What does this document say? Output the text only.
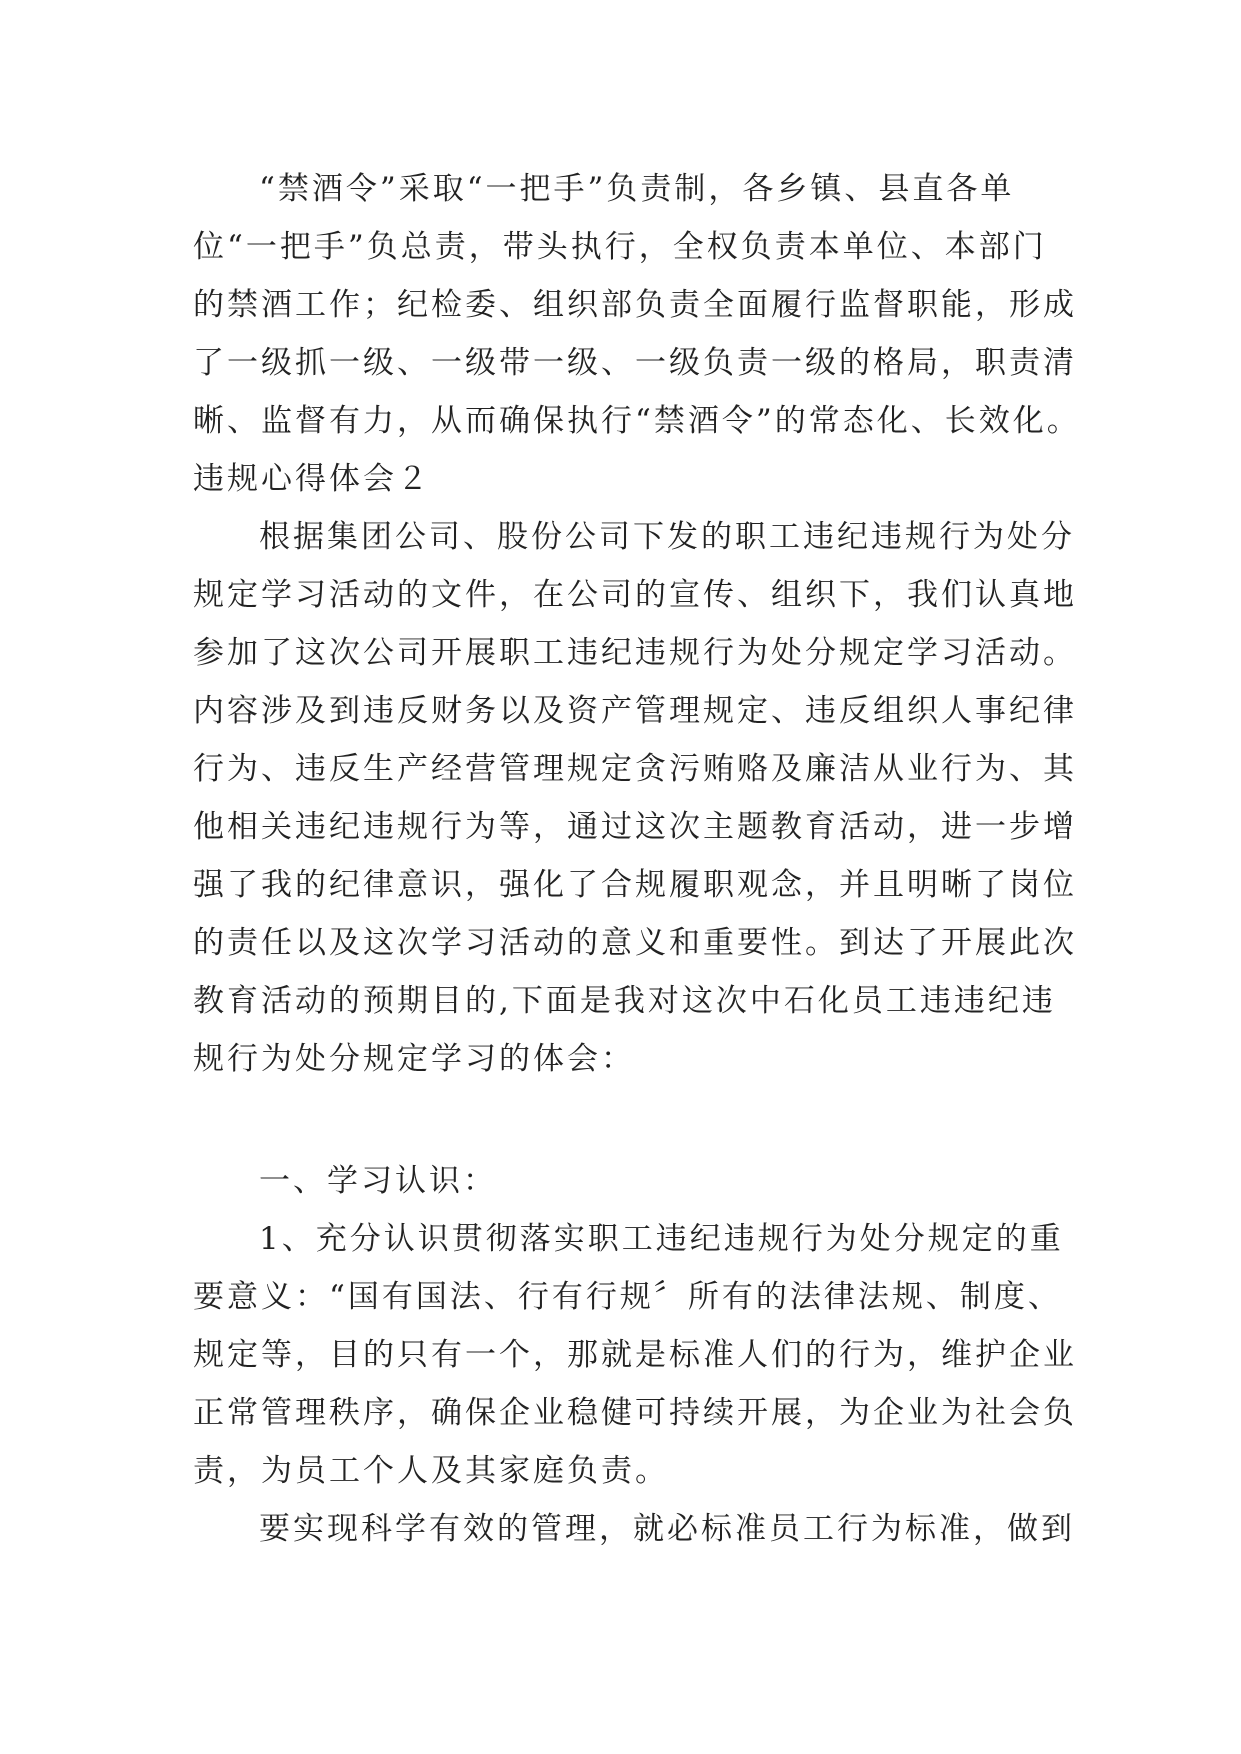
“禁酒令”采取“一把手”负责制，各乡镇、县直各单
位“一把手”负总责，带头执行，全权负责本单位、本部门
的禁酒工作；纪检委、组织部负责全面履行监督职能，形成
了一级抓一级、一级带一级、一级负责一级的格局，职责清
晰、监督有力，从而确保执行“禁酒令”的常态化、长效化。
违规心得体会２
根据集团公司、股份公司下发的职工违纪违规行为处分
规定学习活动的文件，在公司的宣传、组织下，我们认真地
参加了这次公司开展职工违纪违规行为处分规定学习活动。
内容涉及到违反财务以及资产管理规定、违反组织人事纪律
行为、违反生产经营管理规定贪污贿赂及廉洁从业行为、其
他相关违纪违规行为等，通过这次主题教育活动，进一步增
强了我的纪律意识，强化了合规履职观念，并且明晰了岗位
的责任以及这次学习活动的意义和重要性。到达了开展此次
教育活动的预期目的,下面是我对这次中石化员工违违纪违
规行为处分规定学习的体会：
一、学习认识：
1、充分认识贯彻落实职工违纪违规行为处分规定的重
要意义：“国有国法、行有行规〞所有的法律法规、制度、
规定等，目的只有一个，那就是标准人们的行为，维护企业
正常管理秩序，确保企业稳健可持续开展，为企业为社会负
责，为员工个人及其家庭负责。
要实现科学有效的管理，就必标准员工行为标准，做到
